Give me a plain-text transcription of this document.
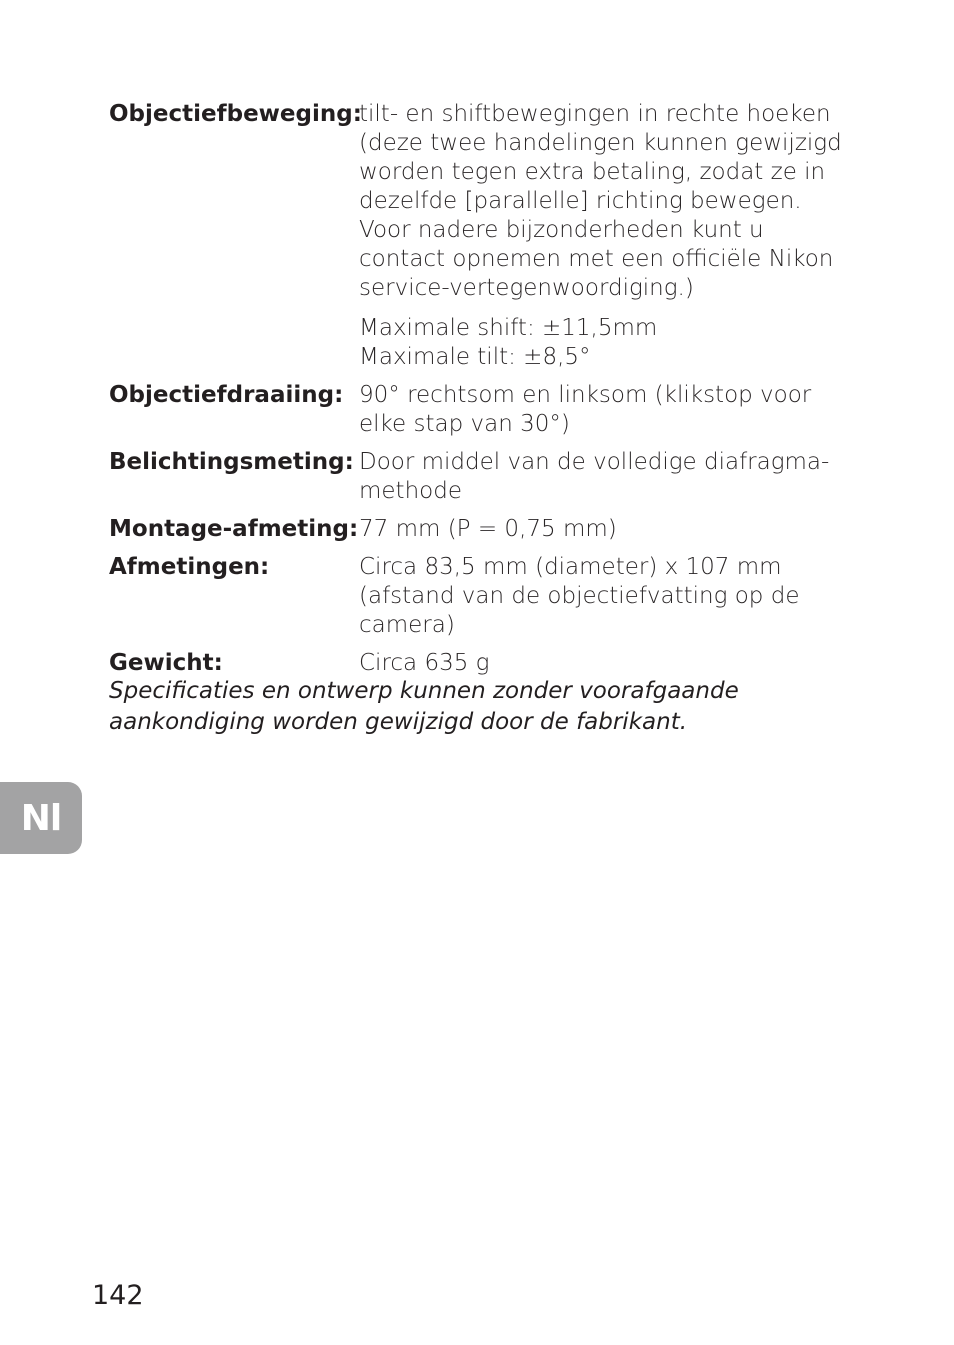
Objectiefbeweging:

tilt- en shiftbewegingen in rechte hoeken (deze twee handelingen kunnen gewijzigd worden tegen extra betaling, zodat ze in dezelfde [parallelle] richting bewegen. Voor nadere bijzonderheden kunt u contact opnemen met een officiële Nikon service-vertegenwoordiging.)

Maximale shift: ±11,5mm
Maximale tilt: ±8,5°

Objectiefdraaiing: 90° rechtsom en linksom (klikstop voor elke stap van 30°)

Belichtingsmeting: Door middel van de volledige diafragma-methode

Montage-afmeting: 77 mm (P = 0,75 mm)

Afmetingen:	Circa 83,5 mm (diameter) x 107 mm (afstand van de objectiefvatting op de camera)

Gewicht:	Circa 635 g

Specificaties en ontwerp kunnen zonder voorafgaande aankondiging worden gewijzigd door de fabrikant.

Nl
142
